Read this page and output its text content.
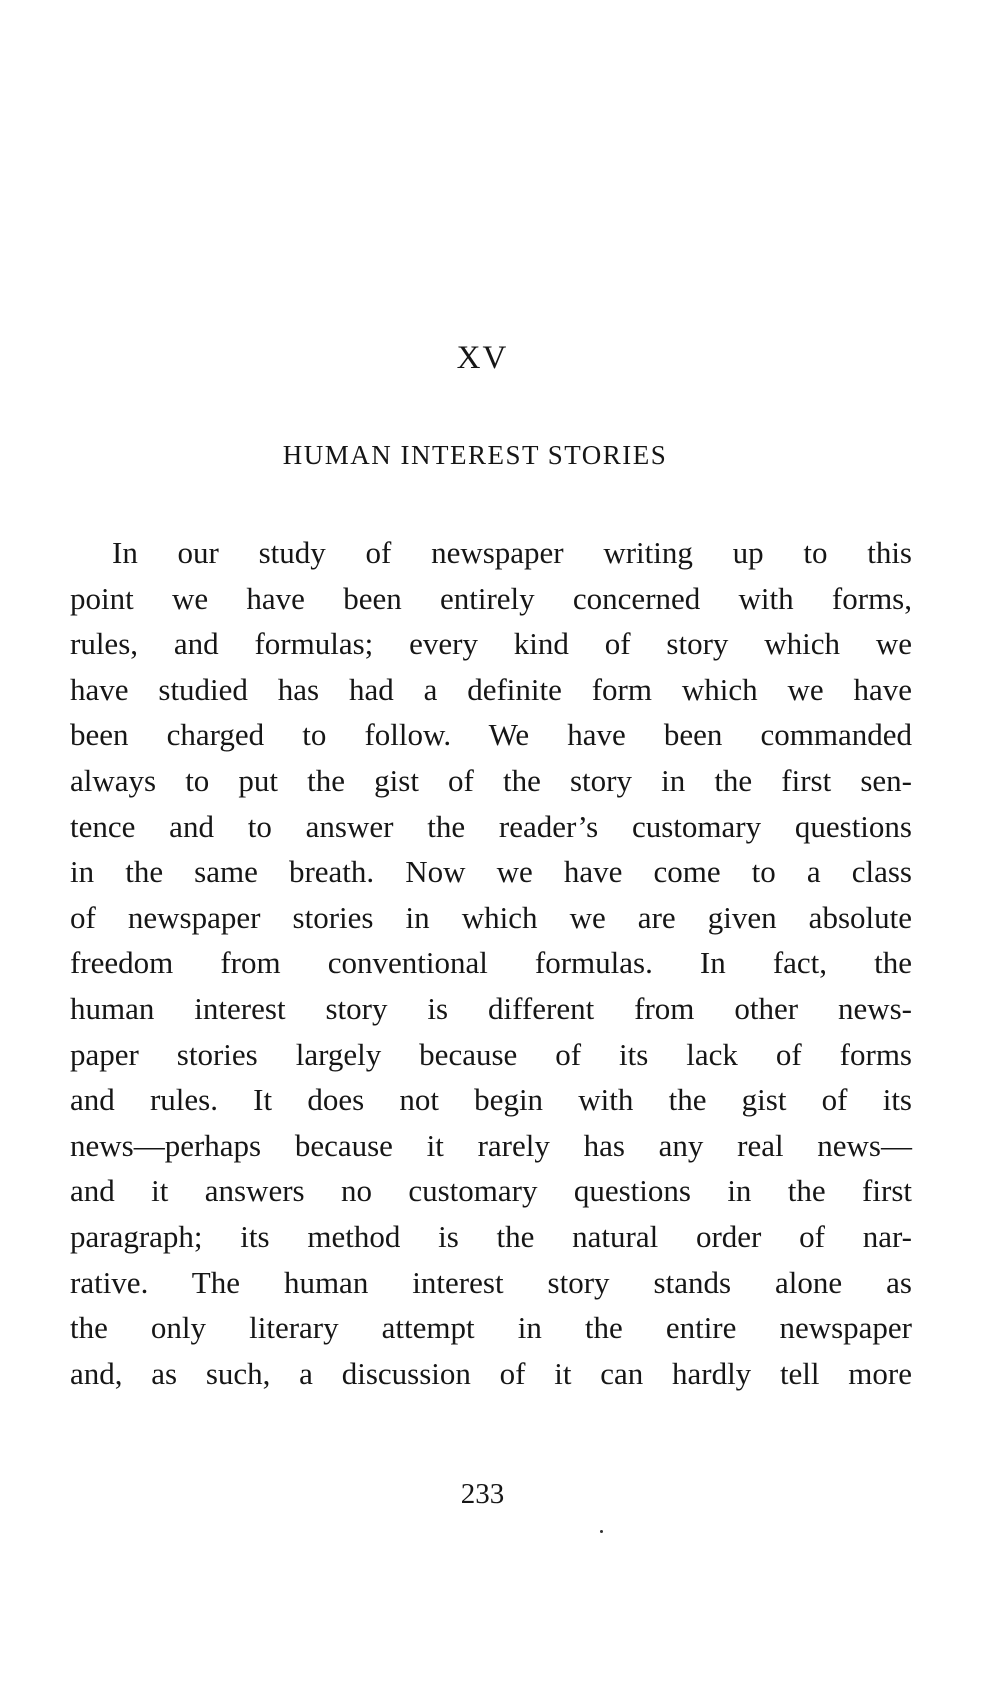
XV
HUMAN INTEREST STORIES
In our study of newspaper writing up to this
point we have been entirely concerned with forms,
rules, and formulas; every kind of story which we
have studied has had a definite form which we have
been charged to follow. We have been commanded
always to put the gist of the story in the first sen-
tence and to answer the reader’s customary questions
in the same breath. Now we have come to a class
of newspaper stories in which we are given absolute
freedom from conventional formulas. In fact, the
human interest story is different from other news-
paper stories largely because of its lack of forms
and rules. It does not begin with the gist of its
news—perhaps because it rarely has any real news—
and it answers no customary questions in the first
paragraph; its method is the natural order of nar-
rative. The human interest story stands alone as
the only literary attempt in the entire newspaper
and, as such, a discussion of it can hardly tell more
233
